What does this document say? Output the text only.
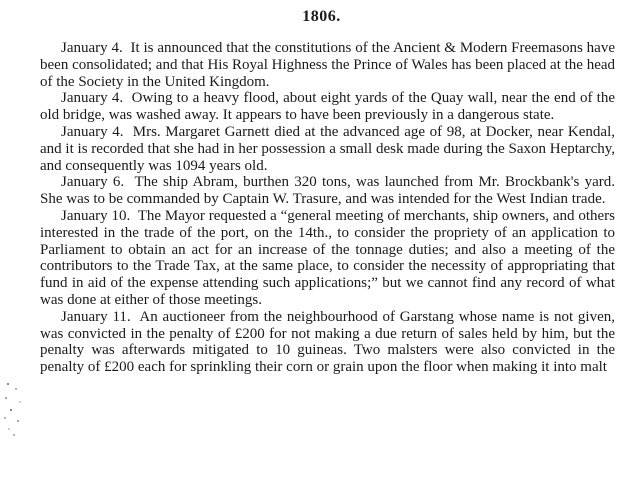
1806.

January 4. It is announced that the constitutions of the Ancient & Modern Freemasons have been consolidated; and that His Royal Highness the Prince of Wales has been placed at the head of the Society in the United Kingdom.

January 4. Owing to a heavy flood, about eight yards of the Quay wall, near the end of the old bridge, was washed away. It appears to have been previously in a dangerous state.

January 4. Mrs. Margaret Garnett died at the advanced age of 98, at Docker, near Kendal, and it is recorded that she had in her possession a small desk made during the Saxon Heptarchy, and consequently was 1094 years old.

January 6. The ship Abram, burthen 320 tons, was launched from Mr. Brockbank's yard. She was to be commanded by Captain W. Trasure, and was intended for the West Indian trade.

January 10. The Mayor requested a “general meeting of merchants, ship owners, and others interested in the trade of the port, on the 14th., to consider the propriety of an application to Parliament to obtain an act for an increase of the tonnage duties; and also a meeting of the contributors to the Trade Tax, at the same place, to consider the necessity of appropriating that fund in aid of the expense attending such applications;” but we cannot find any record of what was done at either of those meetings.

January 11. An auctioneer from the neighbourhood of Garstang whose name is not given, was convicted in the penalty of £200 for not making a due return of sales held by him, but the penalty was afterwards mitigated to 10 guineas. Two malsters were also convicted in the penalty of £200 each for sprinkling their corn or grain upon the floor when making it into malt
